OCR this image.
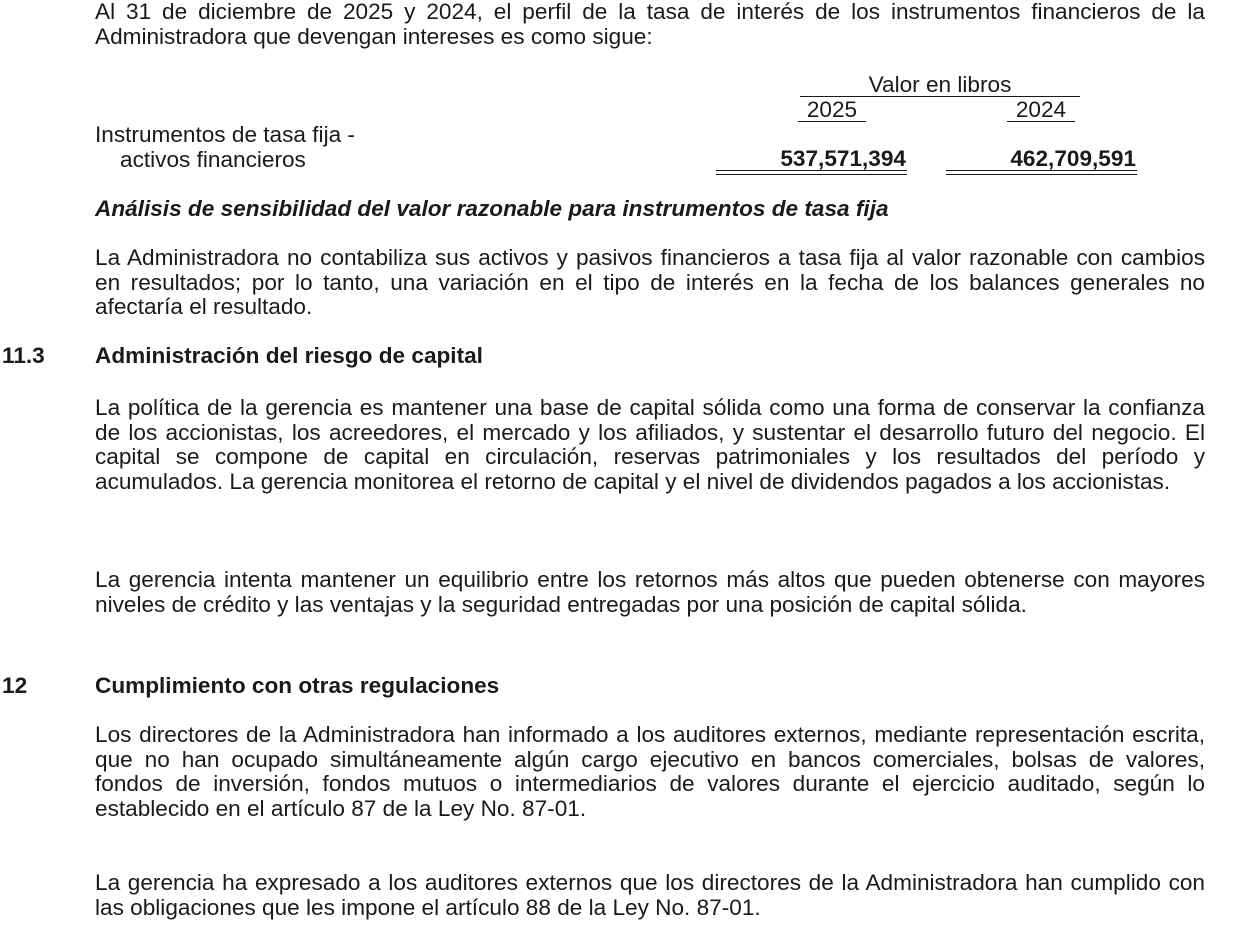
Al 31 de diciembre de 2025 y 2024, el perfil de la tasa de interés de los instrumentos financieros de la Administradora que devengan intereses es como sigue:

Valor en libros

2025	2024

Instrumentos de tasa fija -

activos financieros	537,571,394	462,709,591

Análisis de sensibilidad del valor razonable para instrumentos de tasa fija

La Administradora no contabiliza sus activos y pasivos financieros a tasa fija al valor razonable con cambios en resultados; por lo tanto, una variación en el tipo de interés en la fecha de los balances generales no afectaría el resultado.

11.3 Administración del riesgo de capital

La política de la gerencia es mantener una base de capital sólida como una forma de conservar la confianza de los accionistas, los acreedores, el mercado y los afiliados, y sustentar el desarrollo futuro del negocio. El capital se compone de capital en circulación, reservas patrimoniales y los resultados del período y acumulados. La gerencia monitorea el retorno de capital y el nivel de dividendos pagados a los accionistas.

La gerencia intenta mantener un equilibrio entre los retornos más altos que pueden obtenerse con mayores niveles de crédito y las ventajas y la seguridad entregadas por una posición de capital sólida.

12	Cumplimiento con otras regulaciones

Los directores de la Administradora han informado a los auditores externos, mediante representación escrita, que no han ocupado simultáneamente algún cargo ejecutivo en bancos comerciales, bolsas de valores, fondos de inversión, fondos mutuos o intermediarios de valores durante el ejercicio auditado, según lo establecido en el artículo 87 de la Ley No. 87-01.

La gerencia ha expresado a los auditores externos que los directores de la Administradora han cumplido con las obligaciones que les impone el artículo 88 de la Ley No. 87-01.
